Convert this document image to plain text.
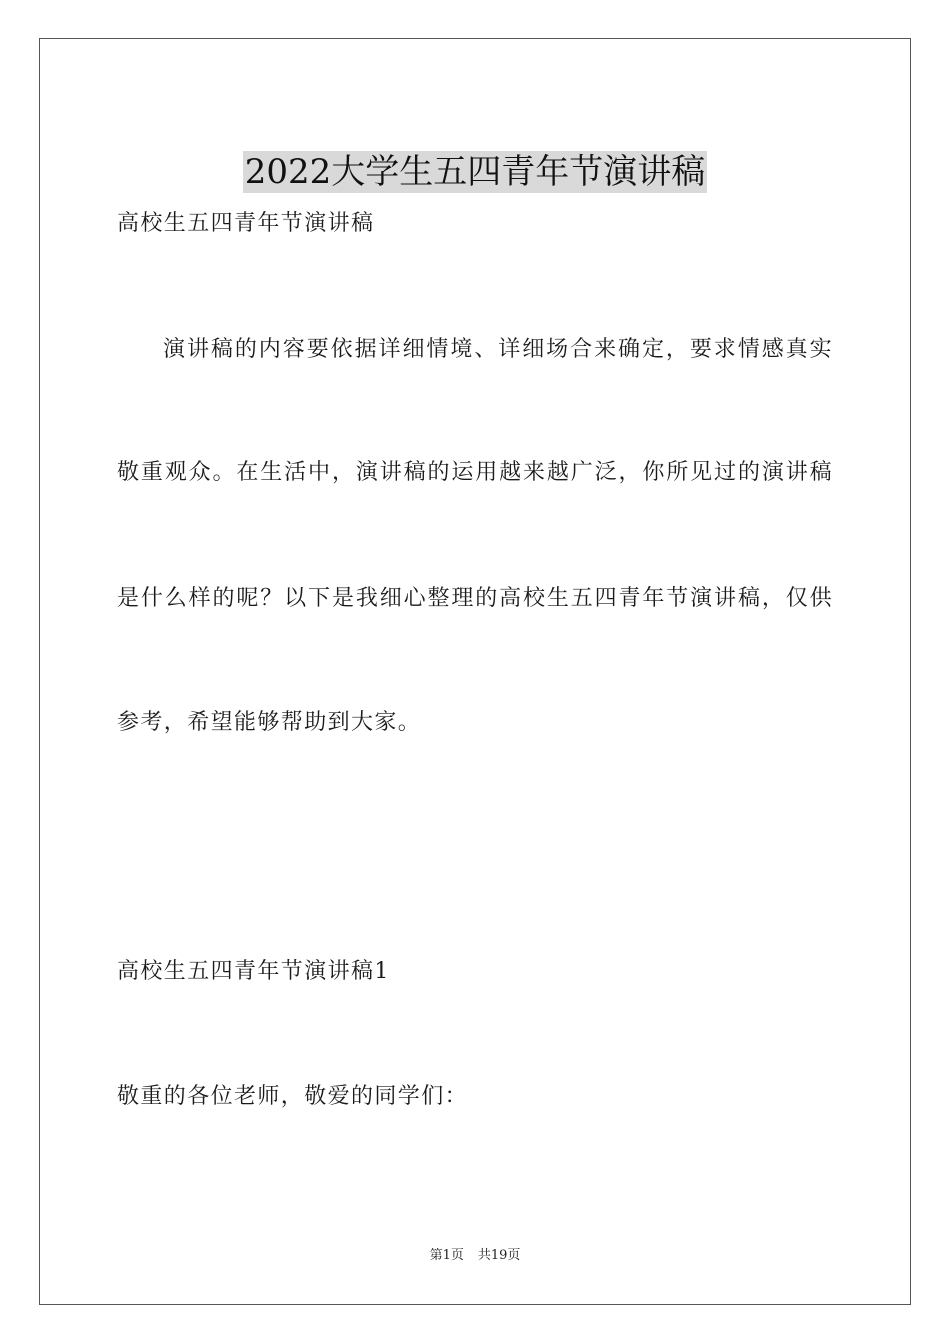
2022大学生五四青年节演讲稿
高校生五四青年节演讲稿
演讲稿的内容要依据详细情境、详细场合来确定，要求情感真实
敬重观众。在生活中，演讲稿的运用越来越广泛，你所见过的演讲稿
是什么样的呢？以下是我细心整理的高校生五四青年节演讲稿，仅供
参考，希望能够帮助到大家。
高校生五四青年节演讲稿1
敬重的各位老师，敬爱的同学们：
第1页 共19页
